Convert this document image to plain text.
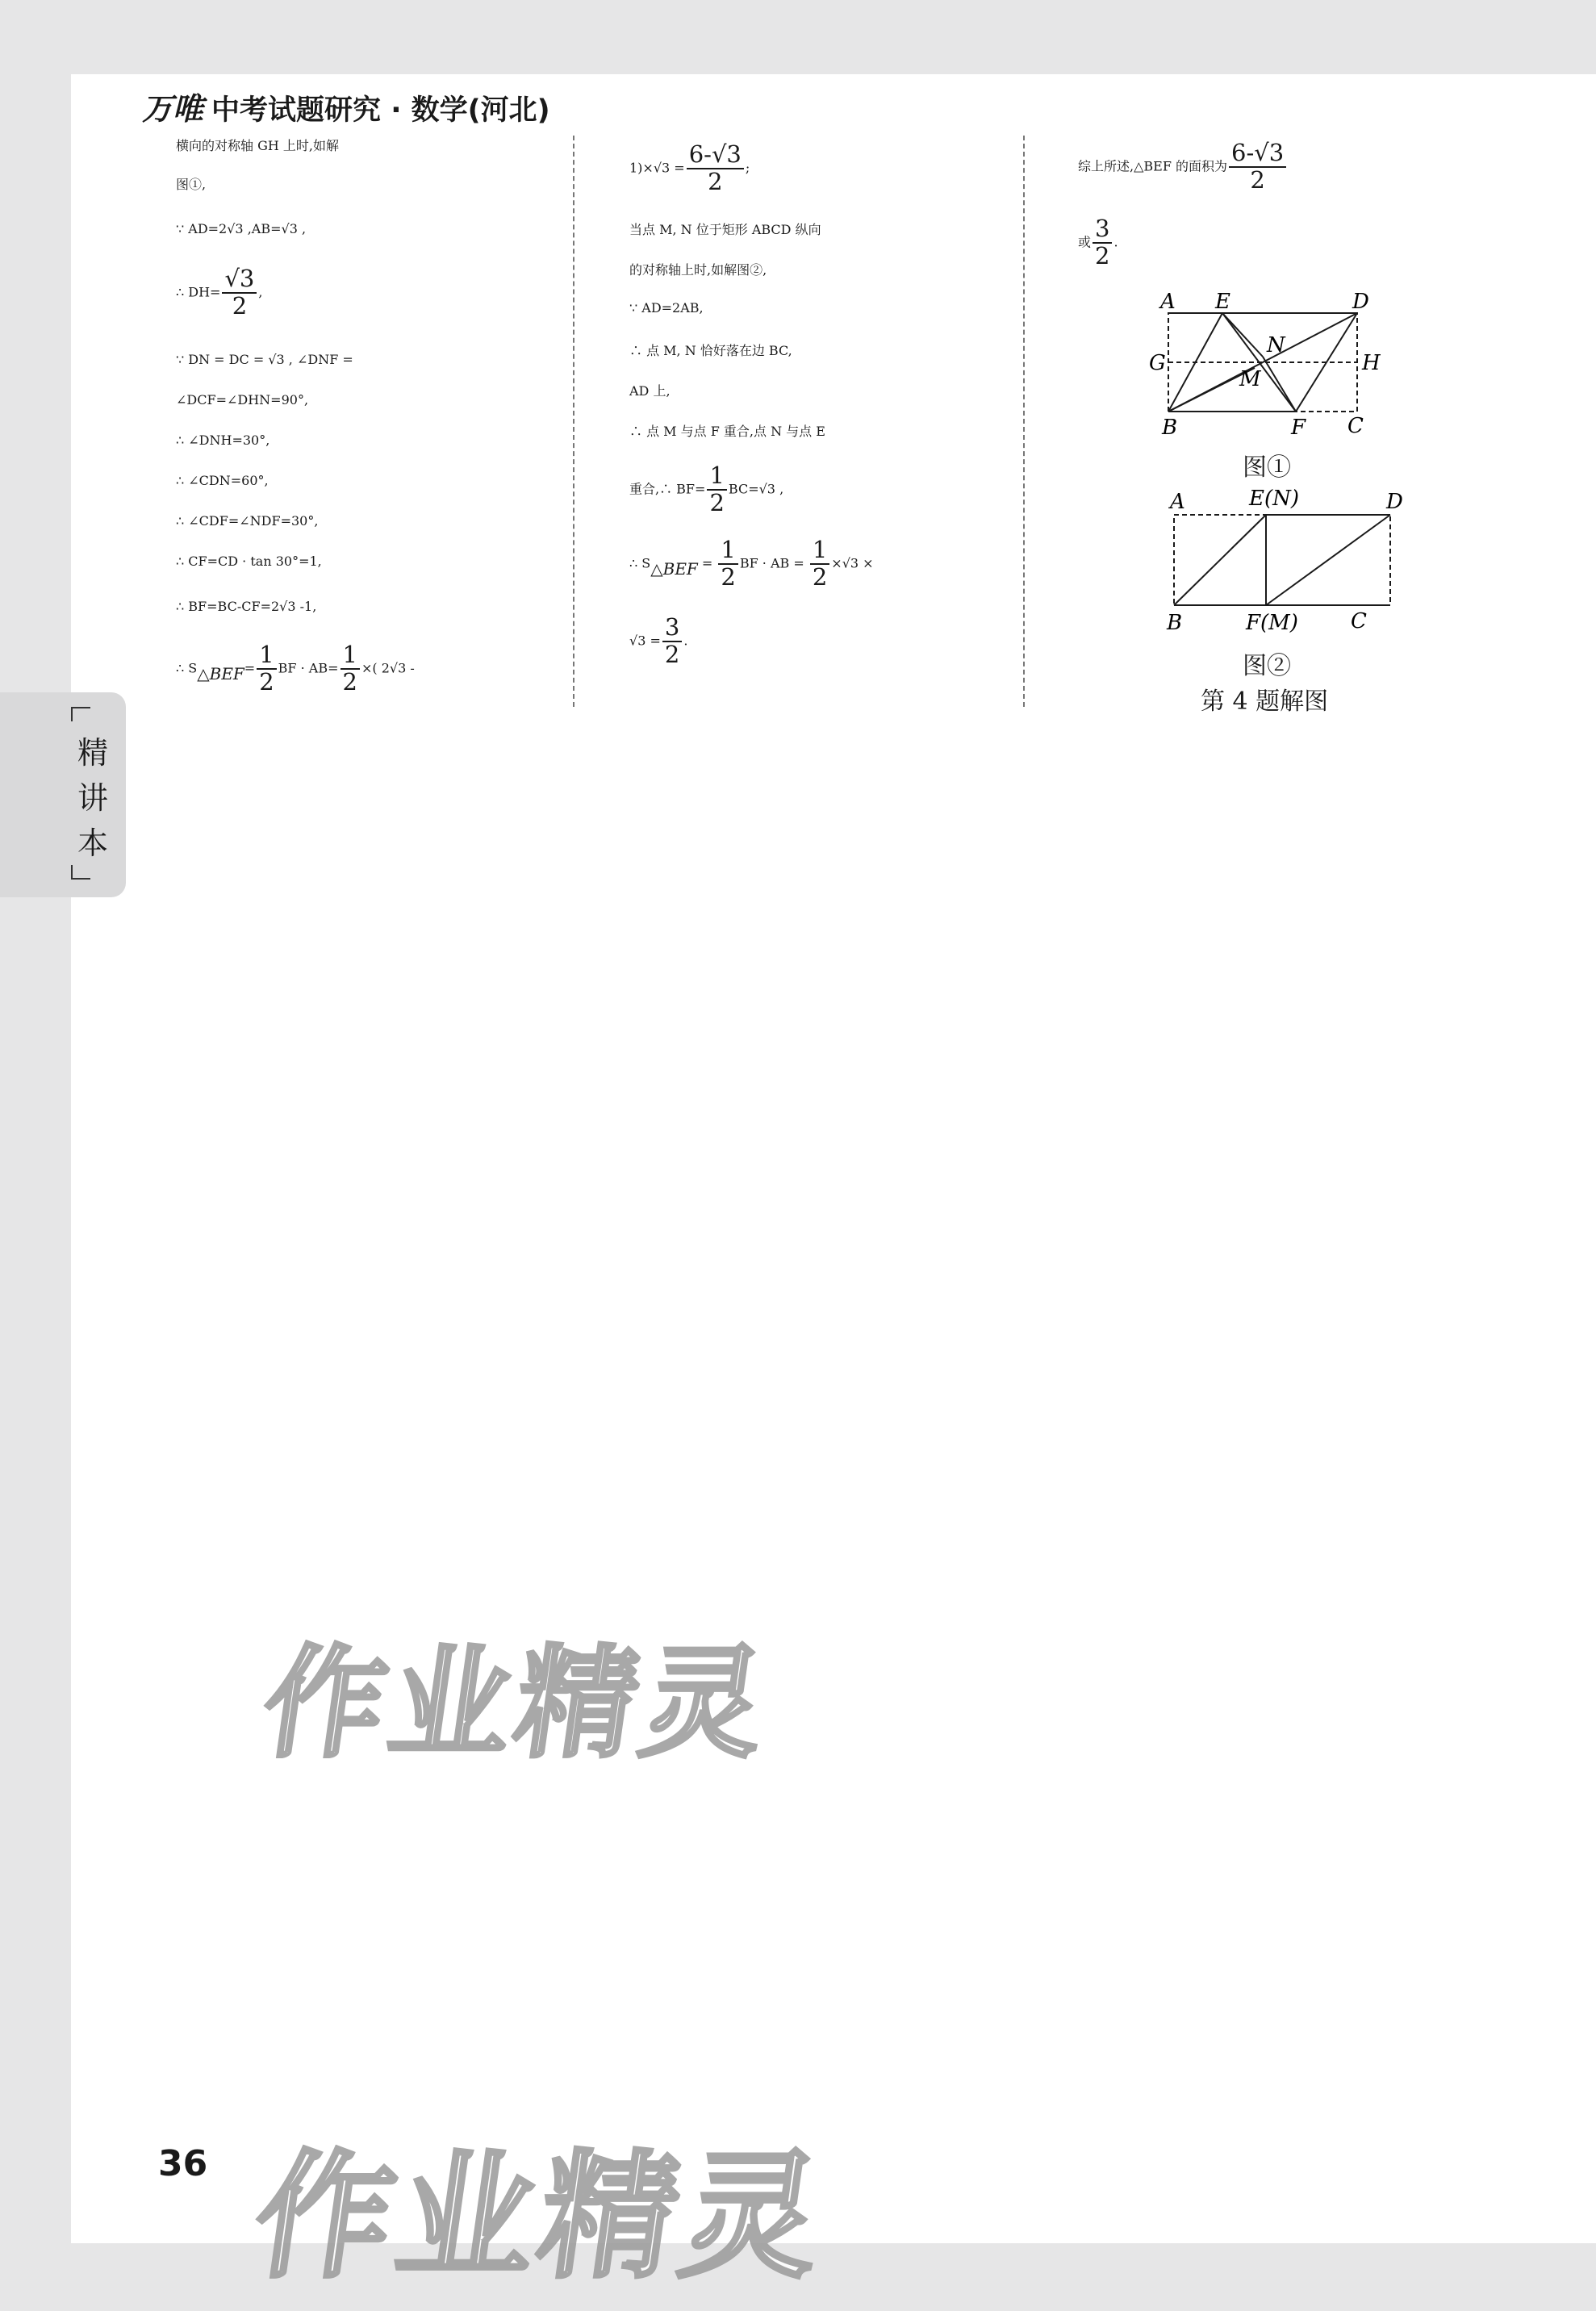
万唯 中考试题研究 · 数学(河北)
横向的对称轴 GH 上时,如解
图①,
∵ AD=2√3 ,AB=√3 ,
∴ $DH= \frac{√3}{2}$ ,
∵ DN = DC = √3 , ∠DNF =
∠DCF=∠DHN=90°,
∴ ∠DNH=30°,
∴ ∠CDN=60°,
∴ ∠CDF=∠NDF=30°,
∴ CF=CD · tan 30°=1,
∴ BF=BC-CF=2√3 -1,
∴ S△BEF= $\frac{1}{2}$ BF · $AB= \frac{1}{2}$ ×( 2√3 -
$1)\times√3 = \frac{6-√3}{2}$ ;
当点 M, N 位于矩形 ABCD 纵向
的对称轴上时,如解图②,
∵ AD=2AB,
∴ 点 M, N 恰好落在边 BC,
AD 上,
∴ 点 M 与点 F 重合,点 N 与点 E
重合,∴ $BF= \frac{1}{2} BC=√3$ ,
∴ S△BEF = $\frac{1}{2}$ BF · AB = $\frac{1}{2} \times√3$ ×
$√3 = \frac{3}{2}$ .
综上所述,△BEF 的面积为 $\frac{6-√3}{2}$
或 $\frac{3}{2}$ .
A E	D
G
N
H
M
B	F C
图①
A	E(N)	D
B	F(M)	C
图②
第 4 题解图
精讲本
作业精灵
作业精灵
36
